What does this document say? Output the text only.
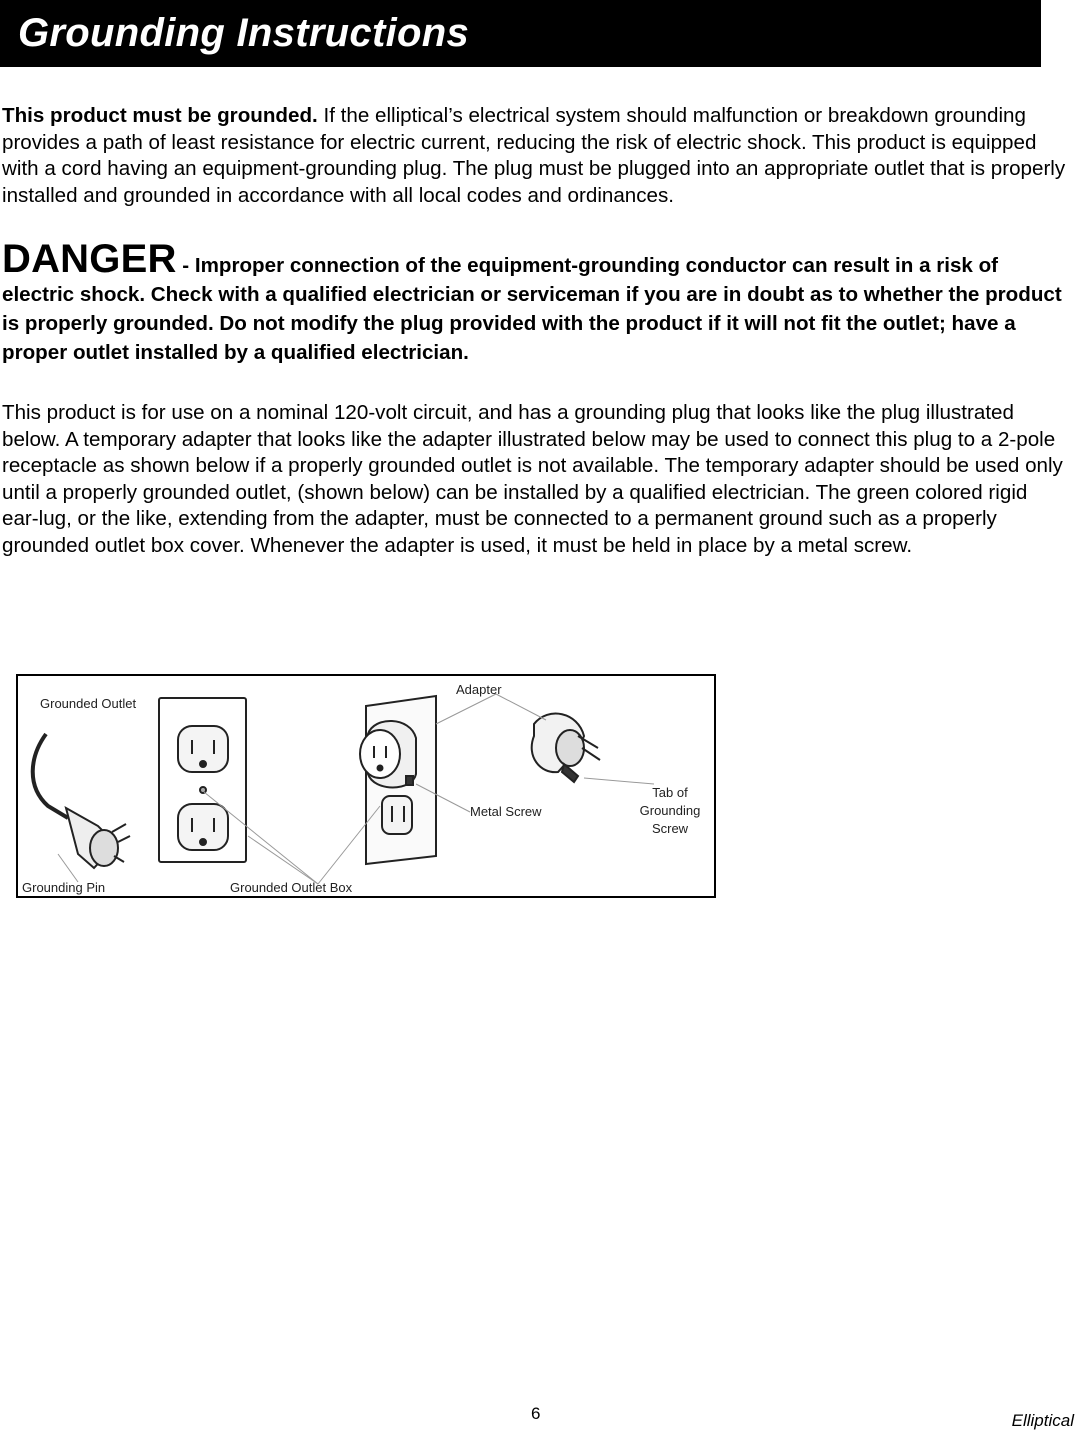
Grounding Instructions

This product must be grounded. If the elliptical’s electrical system should malfunction or breakdown grounding provides a path of least resistance for electric current, reducing the risk of electric shock. This product is equipped with a cord having an equipment-grounding plug. The plug must be plugged into an appropriate outlet that is properly installed and grounded in accordance with all local codes and ordinances.

DANGER - Improper connection of the equipment-grounding conductor can result in a risk of electric shock. Check with a qualified electrician or serviceman if you are in doubt as to whether the product is properly grounded. Do not modify the plug provided with the product if it will not fit the outlet; have a proper outlet installed by a qualified electrician.

This product is for use on a nominal 120-volt circuit, and has a grounding plug that looks like the plug illustrated below. A temporary adapter that looks like the adapter illustrated below may be used to connect this plug to a 2-pole receptacle as shown below if a properly grounded outlet is not available. The temporary adapter should be used only until a properly grounded outlet, (shown below) can be installed by a qualified electrician. The green colored rigid ear-lug, or the like, extending from the adapter, must be connected to a permanent ground such as a properly grounded outlet box cover. Whenever the adapter is used, it must be held in place by a metal screw.

Grounded Outlet
Adapter
Metal Screw
Tab of
Grounding
Screw
Grounding Pin	Grounded Outlet Box
6	Elliptical
